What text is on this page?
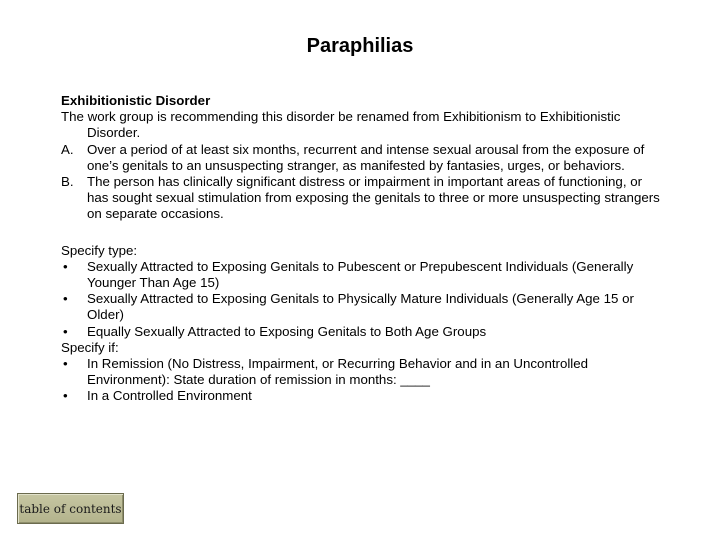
Paraphilias

Exhibitionistic Disorder

The work group is recommending this disorder be renamed from Exhibitionism to Exhibitionistic Disorder.

A. Over a period of at least six months, recurrent and intense sexual arousal from the exposure of one’s genitals to an unsuspecting stranger, as manifested by fantasies, urges, or behaviors.
B. The person has clinically significant distress or impairment in important areas of functioning, or has sought sexual stimulation from exposing the genitals to three or more unsuspecting strangers on separate occasions.

Specify type:

• Sexually Attracted to Exposing Genitals to Pubescent or Prepubescent Individuals (Generally Younger Than Age 15)
• Sexually Attracted to Exposing Genitals to Physically Mature Individuals (Generally Age 15 or Older)
• Equally Sexually Attracted to Exposing Genitals to Both Age Groups

Specify if:

• In Remission (No Distress, Impairment, or Recurring Behavior and in an Uncontrolled Environment): State duration of remission in months: ____
• In a Controlled Environment
table of contents
